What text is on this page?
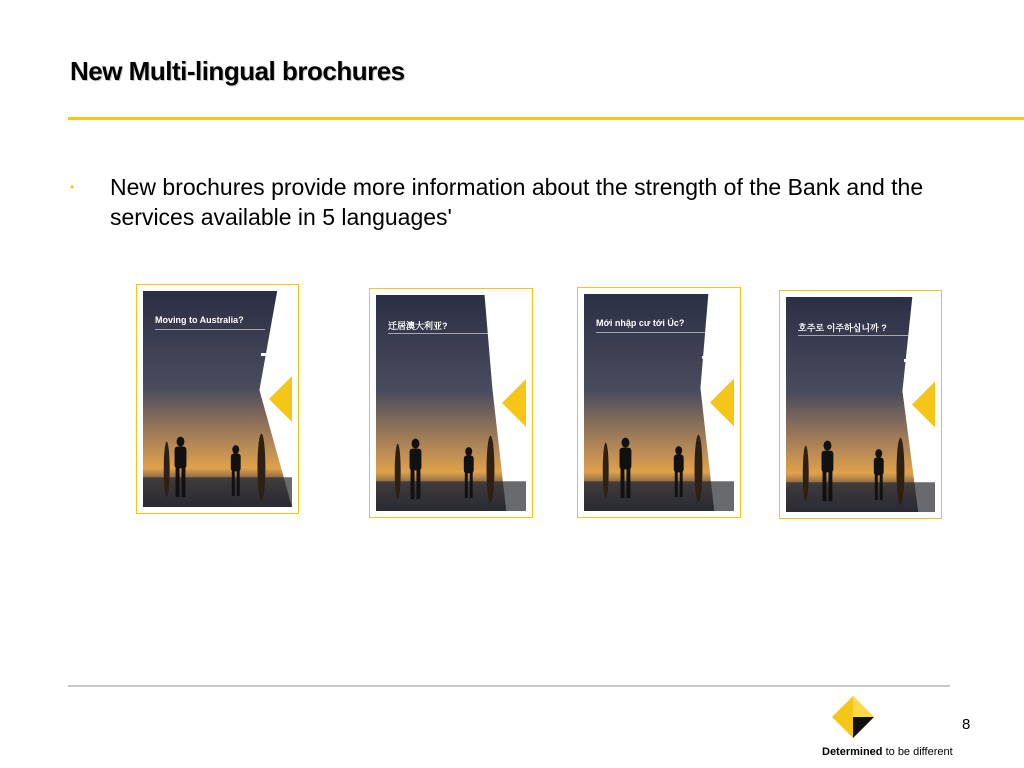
New Multi-lingual brochures
• New brochures provide more information about the strength of the Bank and the services available in 5 languages'
Moving to Australia?
迁居澳大利亚?	Mới nhập cư tới Úc?	호주로 이주하십니까 ?
8
Determined to be different
